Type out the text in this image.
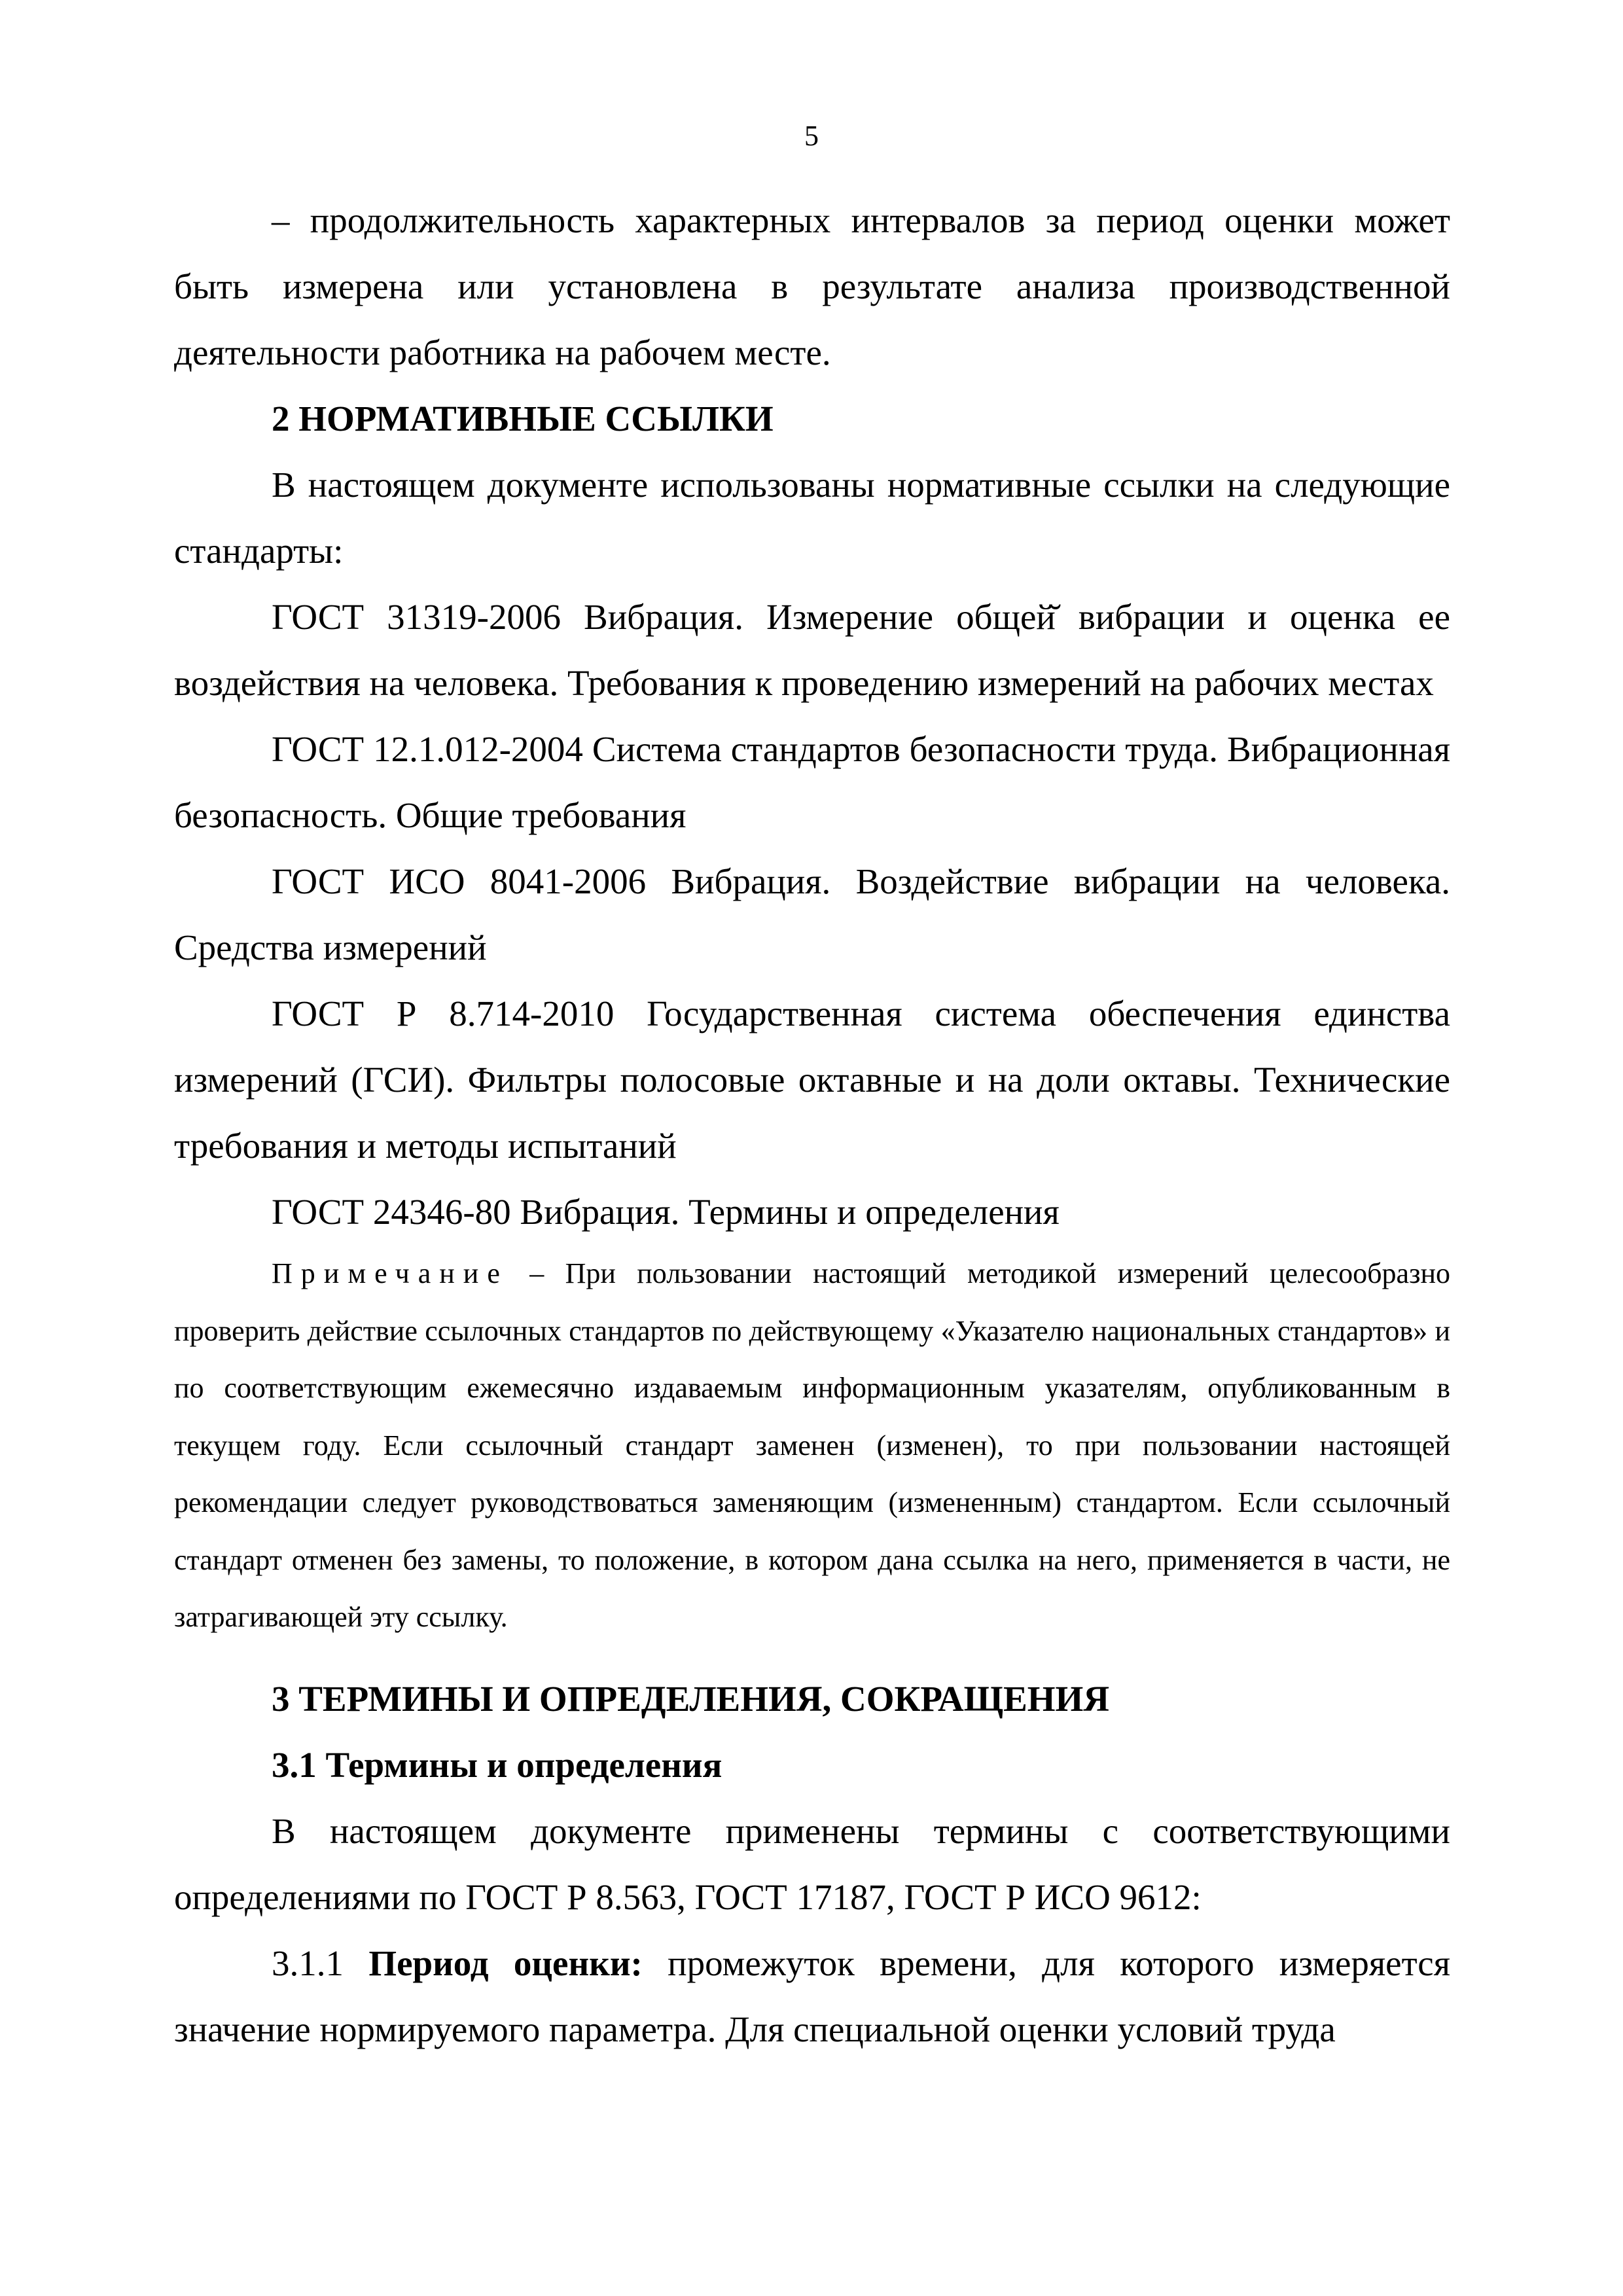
5

– продолжительность характерных интервалов за период оценки может быть измерена или установлена в результате анализа производственной деятельности работника на рабочем месте.

2 НОРМАТИВНЫЕ ССЫЛКИ

В настоящем документе использованы нормативные ссылки на следующие стандарты:

ГОСТ 31319-2006 Вибрация. Измерение общей̆ вибрации и оценка ее воздействия на человека. Требования к проведению измерений на рабочих местах

ГОСТ 12.1.012-2004 Система стандартов безопасности труда. Вибрационная безопасность. Общие требования

ГОСТ ИСО 8041-2006 Вибрация. Воздействие вибрации на человека. Средства измерений

ГОСТ Р 8.714-2010 Государственная система обеспечения единства измерений (ГСИ). Фильтры полосовые октавные и на доли октавы. Технические требования и методы испытаний

ГОСТ 24346-80 Вибрация. Термины и определения

Примечание – При пользовании настоящий методикой измерений целесообразно проверить действие ссылочных стандартов по действующему «Указателю национальных стандартов» и по соответствующим ежемесячно издаваемым информационным указателям, опубликованным в текущем году. Если ссылочный стандарт заменен (изменен), то при пользовании настоящей рекомендации следует руководствоваться заменяющим (измененным) стандартом. Если ссылочный стандарт отменен без замены, то положение, в котором дана ссылка на него, применяется в части, не затрагивающей эту ссылку.

3 ТЕРМИНЫ И ОПРЕДЕЛЕНИЯ, СОКРАЩЕНИЯ
3.1 Термины и определения

В настоящем документе применены термины с соответствующими определениями по ГОСТ Р 8.563, ГОСТ 17187, ГОСТ Р ИСО 9612:

3.1.1 Период оценки: промежуток времени, для которого измеряется значение нормируемого параметра. Для специальной оценки условий труда
